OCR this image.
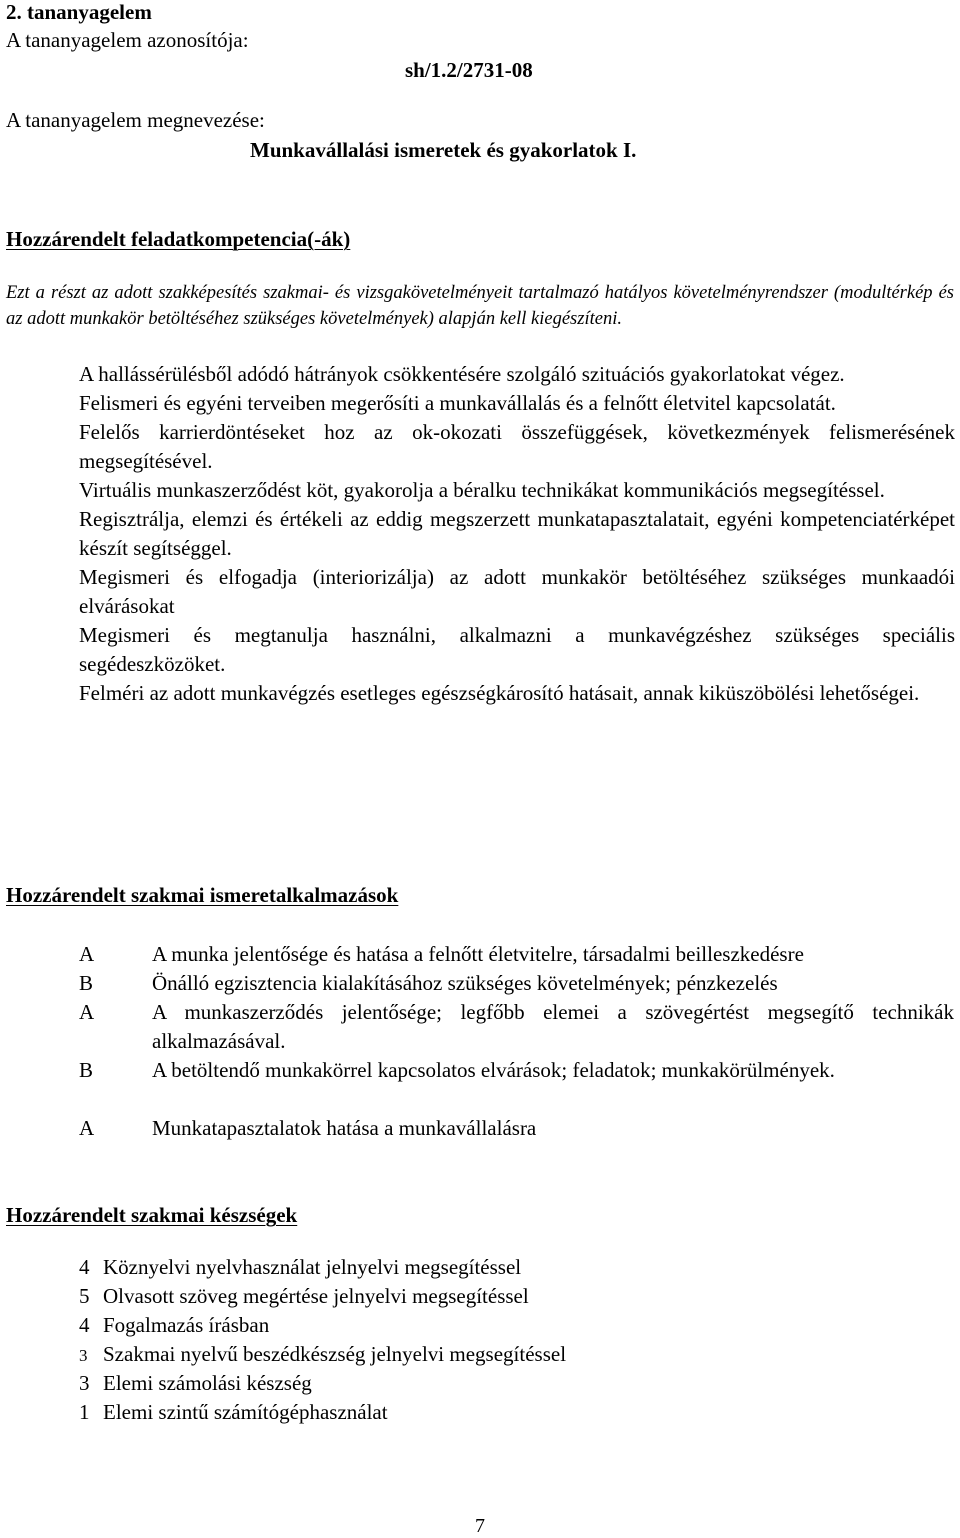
2. tananyagelem
A tananyagelem azonosítója:
sh/1.2/2731-08
A tananyagelem megnevezése:
Munkavállalási ismeretek és gyakorlatok I.
Hozzárendelt feladatkompetencia(-ák)
Ezt a részt az adott szakképesítés szakmai- és vizsgakövetelményeit tartalmazó hatályos követelményrendszer (modultérkép és az adott munkakör betöltéséhez szükséges követelmények) alapján kell kiegészíteni.

A hallássérülésből adódó hátrányok csökkentésére szolgáló szituációs gyakorlatokat végez.

Felismeri és egyéni terveiben megerősíti a munkavállalás és a felnőtt életvitel kapcsolatát.

Felelős karrierdöntéseket hoz az ok-okozati összefüggések, következmények felismerésének megsegítésével.

Virtuális munkaszerződést köt, gyakorolja a béralku technikákat kommunikációs megsegítéssel.

Regisztrálja, elemzi és értékeli az eddig megszerzett munkatapasztalatait, egyéni kompetenciatérképet készít segítséggel.

Megismeri és elfogadja (interiorizálja) az adott munkakör betöltéséhez szükséges munkaadói elvárásokat

Megismeri és megtanulja használni, alkalmazni a munkavégzéshez szükséges speciális segédeszközöket.

Felméri az adott munkavégzés esetleges egészségkárosító hatásait, annak kiküszöbölési lehetőségei.

Hozzárendelt szakmai ismeretalkalmazások
A	A munka jelentősége és hatása a felnőtt életvitelre, társadalmi beilleszkedésre
B	Önálló egzisztencia kialakításához szükséges követelmények; pénzkezelés
A	A munkaszerződés jelentősége; legfőbb elemei a szövegértést megsegítő technikák alkalmazásával.
B	A betöltendő munkakörrel kapcsolatos elvárások; feladatok; munkakörülmények.
A	Munkatapasztalatok hatása a munkavállalásra
Hozzárendelt szakmai készségek
4 Köznyelvi nyelvhasználat jelnyelvi megsegítéssel
5 Olvasott szöveg megértése jelnyelvi megsegítéssel
4 Fogalmazás írásban
3 Szakmai nyelvű beszédkészség jelnyelvi megsegítéssel
3 Elemi számolási készség
1 Elemi szintű számítógéphasználat
7
